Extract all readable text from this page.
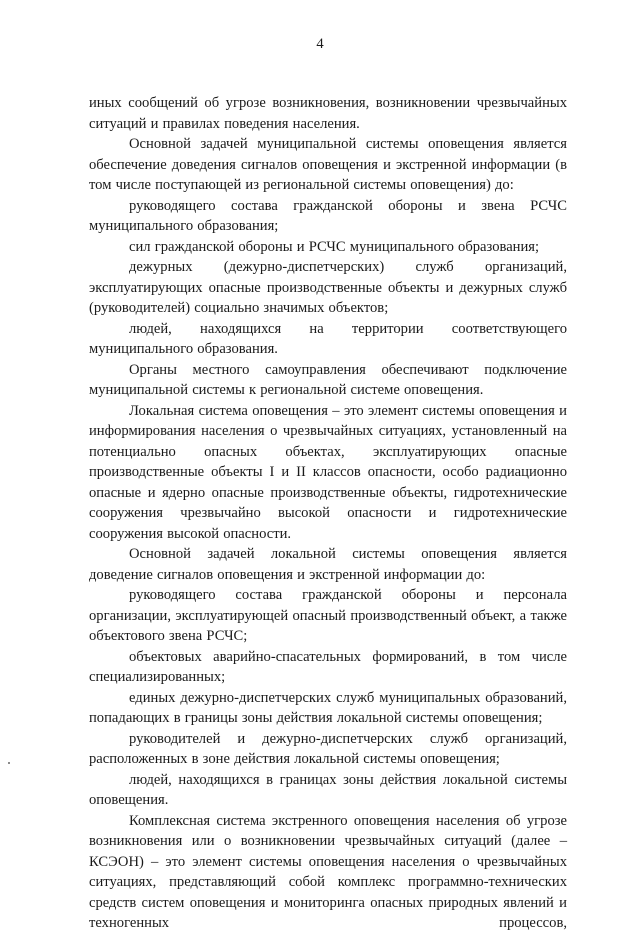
4

иных сообщений об угрозе возникновения, возникновении чрезвычайных ситуаций и правилах поведения населения.

Основной задачей муниципальной системы оповещения является обеспечение доведения сигналов оповещения и экстренной информации (в том числе поступающей из региональной системы оповещения) до:

руководящего состава гражданской обороны и звена РСЧС муниципального образования;

сил гражданской обороны и РСЧС муниципального образования;

дежурных (дежурно-диспетчерских) служб организаций, эксплуатирующих опасные производственные объекты и дежурных служб (руководителей) социально значимых объектов;

людей, находящихся на территории соответствующего муниципального образования.

Органы местного самоуправления обеспечивают подключение муниципальной системы к региональной системе оповещения.

Локальная система оповещения – это элемент системы оповещения и информирования населения о чрезвычайных ситуациях, установленный на потенциально опасных объектах, эксплуатирующих опасные производственные объекты I и II классов опасности, особо радиационно опасные и ядерно опасные производственные объекты, гидротехнические сооружения чрезвычайно высокой опасности и гидротехнические сооружения высокой опасности.

Основной задачей локальной системы оповещения является доведение сигналов оповещения и экстренной информации до:

руководящего состава гражданской обороны и персонала организации, эксплуатирующей опасный производственный объект, а также объектового звена РСЧС;

объектовых аварийно-спасательных формирований, в том числе специализированных;

единых дежурно-диспетчерских служб муниципальных образований, попадающих в границы зоны действия локальной системы оповещения;

руководителей и дежурно-диспетчерских служб организаций, расположенных в зоне действия локальной системы оповещения;

людей, находящихся в границах зоны действия локальной системы оповещения.

Комплексная система экстренного оповещения населения об угрозе возникновения или о возникновении чрезвычайных ситуаций (далее – КСЭОН) – это элемент системы оповещения населения о чрезвычайных ситуациях, представляющий собой комплекс программно-технических средств систем оповещения и мониторинга опасных природных явлений и техногенных процессов,
